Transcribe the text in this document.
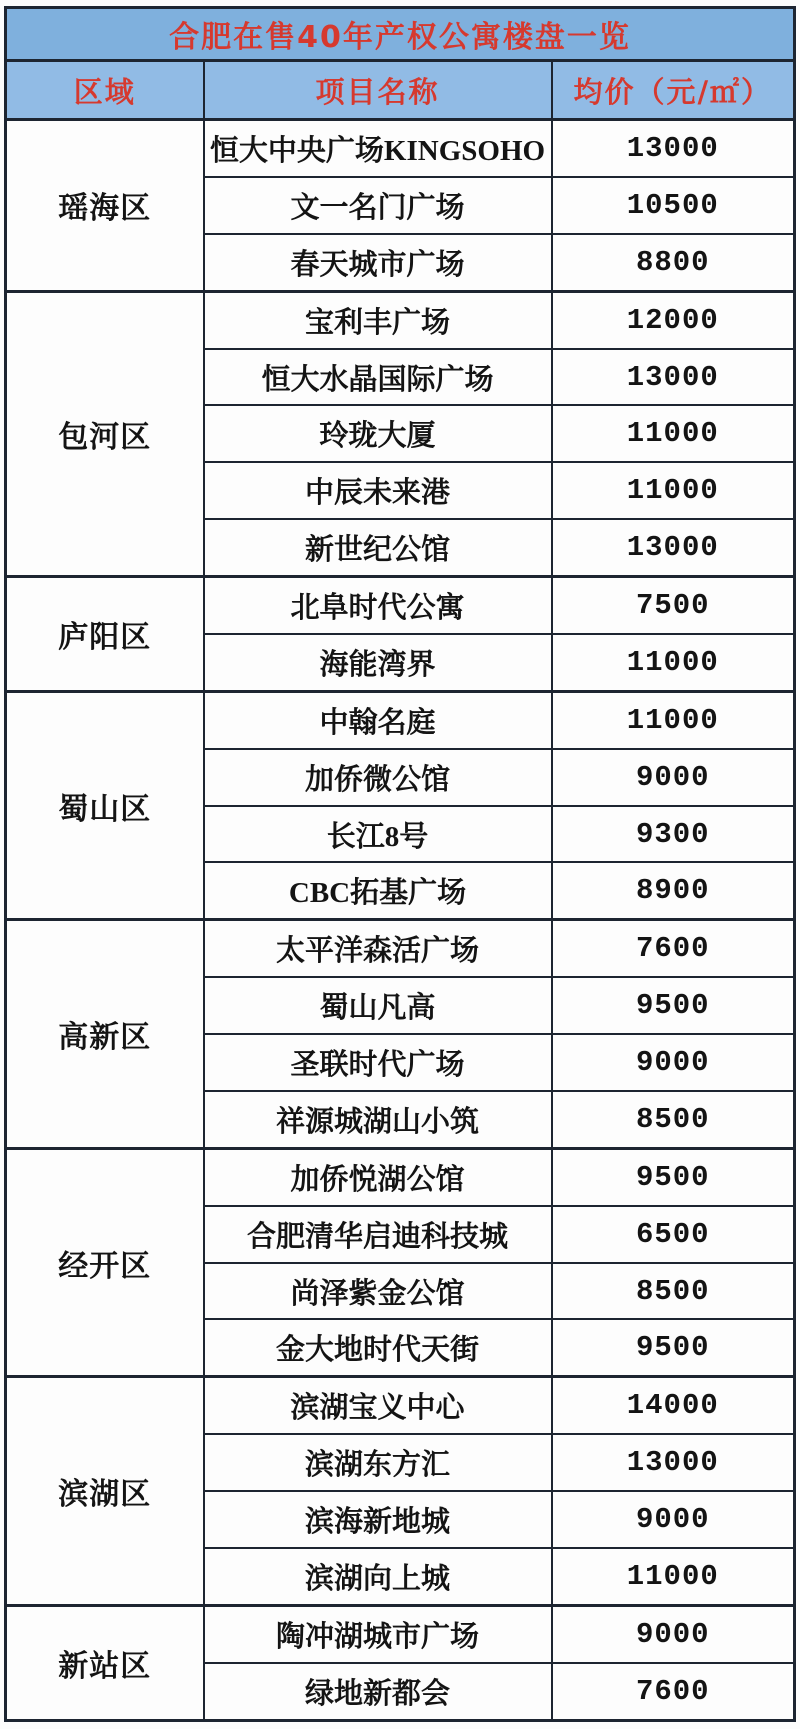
合肥在售40年产权公寓楼盘一览		
区域	项目名称	均价（元/㎡）
瑶海区	恒大中央广场KINGSOHO	13000
	文一名门广场	10500
	春天城市广场	8800
包河区	宝利丰广场	12000
	恒大水晶国际广场	13000
	玲珑大厦	11000
	中辰未来港	11000
	新世纪公馆	13000
庐阳区	北阜时代公寓	7500
	海能湾界	11000
蜀山区	中翰名庭	11000
	加侨微公馆	9000
	长江8号	9300
	CBC拓基广场	8900
高新区	太平洋森活广场	7600
	蜀山凡高	9500
	圣联时代广场	9000
	祥源城湖山小筑	8500
经开区	加侨悦湖公馆	9500
	合肥清华启迪科技城	6500
	尚泽紫金公馆	8500
	金大地时代天街	9500
滨湖区	滨湖宝义中心	14000
	滨湖东方汇	13000
	滨海新地城	9000
	滨湖向上城	11000
新站区	陶冲湖城市广场	9000
	绿地新都会	7600
